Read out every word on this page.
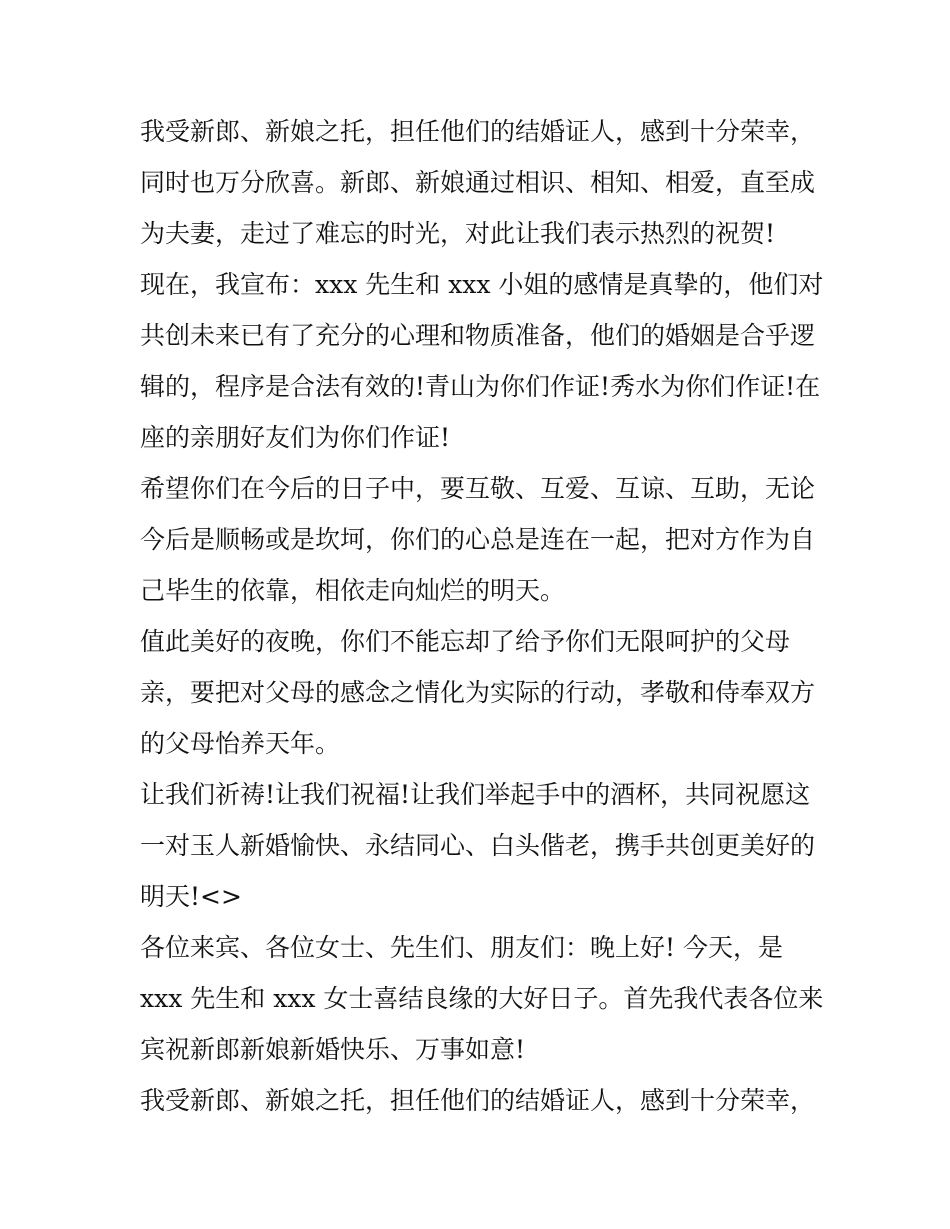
我受新郎、新娘之托，担任他们的结婚证人，感到十分荣幸，
同时也万分欣喜。新郎、新娘通过相识、相知、相爱，直至成
为夫妻，走过了难忘的时光，对此让我们表示热烈的祝贺!
现在，我宣布：xxx 先生和 xxx 小姐的感情是真挚的，他们对
共创未来已有了充分的心理和物质准备，他们的婚姻是合乎逻
辑的，程序是合法有效的!青山为你们作证!秀水为你们作证!在
座的亲朋好友们为你们作证!
希望你们在今后的日子中，要互敬、互爱、互谅、互助，无论
今后是顺畅或是坎坷，你们的心总是连在一起，把对方作为自
己毕生的依靠，相依走向灿烂的明天。
值此美好的夜晚，你们不能忘却了给予你们无限呵护的父母
亲，要把对父母的感念之情化为实际的行动，孝敬和侍奉双方
的父母怡养天年。
让我们祈祷!让我们祝福!让我们举起手中的酒杯，共同祝愿这
一对玉人新婚愉快、永结同心、白头偕老，携手共创更美好的
明天!<>
各位来宾、各位女士、先生们、朋友们：晚上好! 今天，是
xxx 先生和 xxx 女士喜结良缘的大好日子。首先我代表各位来
宾祝新郎新娘新婚快乐、万事如意!
我受新郎、新娘之托，担任他们的结婚证人，感到十分荣幸，
